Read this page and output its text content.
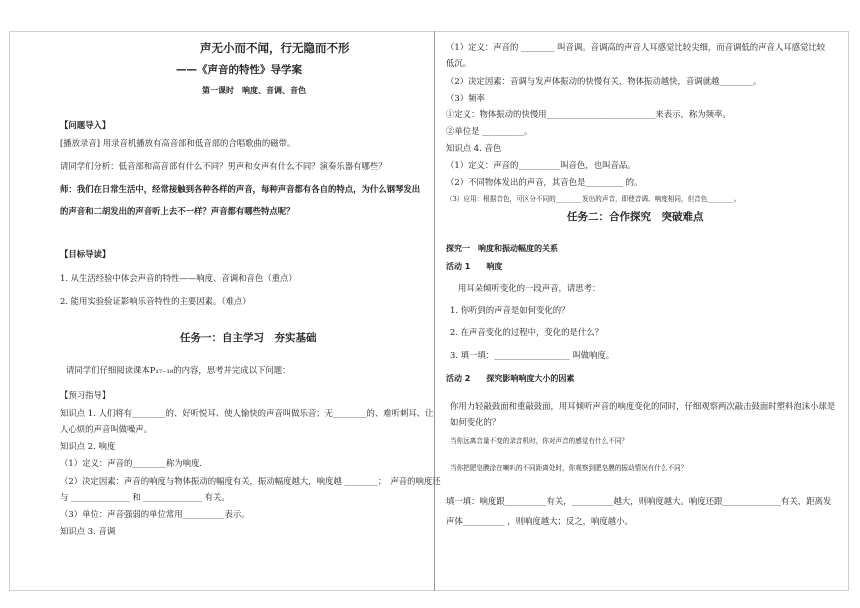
声无小而不闻，行无隐而不形
——《声音的特性》导学案
第一课时　响度、音调、音色
【问题导入】
[播放录音] 用录音机播放有高音部和低音部的合唱歌曲的磁带。
请同学们分析：低音部和高音部有什么不同？男声和女声有什么不同？演奏乐器有哪些？
师：我们在日常生活中，经常接触到各种各样的声音，每种声音都有各自的特点，为什么钢琴发出
的声音和二胡发出的声音听上去不一样？声音都有哪些特点呢？
【目标导读】
1. 从生活经验中体会声音的特性——响度、音调和音色（重点）
2. 能用实验验证影响乐音特性的主要因素。（难点）
任务一：自主学习　夯实基础
请同学们仔细阅读课本P₁₇₋₁₈的内容，思考并完成以下问题：
【预习指导】
知识点 1. 人们将有________的、好听悦耳、使人愉快的声音叫做乐音；无________的、难听刺耳、让
人心烦的声音叫做噪声。
知识点 2. 响度
（1）定义：声音的________称为响度.
（2）决定因素：声音的响度与物体振动的幅度有关，振动幅度越大，响度越 ________；　声音的响度还
与 ______________ 和 ______________ 有关。
（3）单位：声音强弱的单位常用__________表示。
知识点 3. 音调
（1）定义：声音的 ________ 叫音调。音调高的声音人耳感觉比较尖细，而音调低的声音人耳感觉比较
低沉。
（2）决定因素：音调与发声体振动的快慢有关，物体振动越快，音调就越________。
（3）频率
①定义：物体振动的快慢用__________________________来表示，称为频率。
②单位是 __________。
知识点 4. 音色
（1）定义：声音的__________叫音色，也叫音品。
（2）不同物体发出的声音，其音色是_________ 的。
（3）应用：根据音色，可区分不同的________发出的声音，即使音调、响度相同，但音色________。
任务二：合作探究　突破难点
探究一　响度和振动幅度的关系
活动 1　　响度
用耳朵倾听变化的一段声音，请思考：
1. 你听到的声音是如何变化的？
2. 在声音变化的过程中，变化的是什么？
3. 填一填：__________________ 叫做响度。
活动 2　　探究影响响度大小的因素
你用力轻敲鼓面和重敲鼓面，用耳倾听声音的响度变化的同时，仔细观察两次敲击鼓面时塑料泡沫小球是
如何变化的？
当你远离音量不变的录音机时，你对声音的感觉有什么不同？
当你把肥皂膜涂在喇叭的不同距离处时，你观察到肥皂膜的振动情况有什么不同？
填一填：响度跟__________有关，__________越大，则响度越大。响度还跟______________有关，距离发
声体__________ ，则响度越大；反之，响度越小。
